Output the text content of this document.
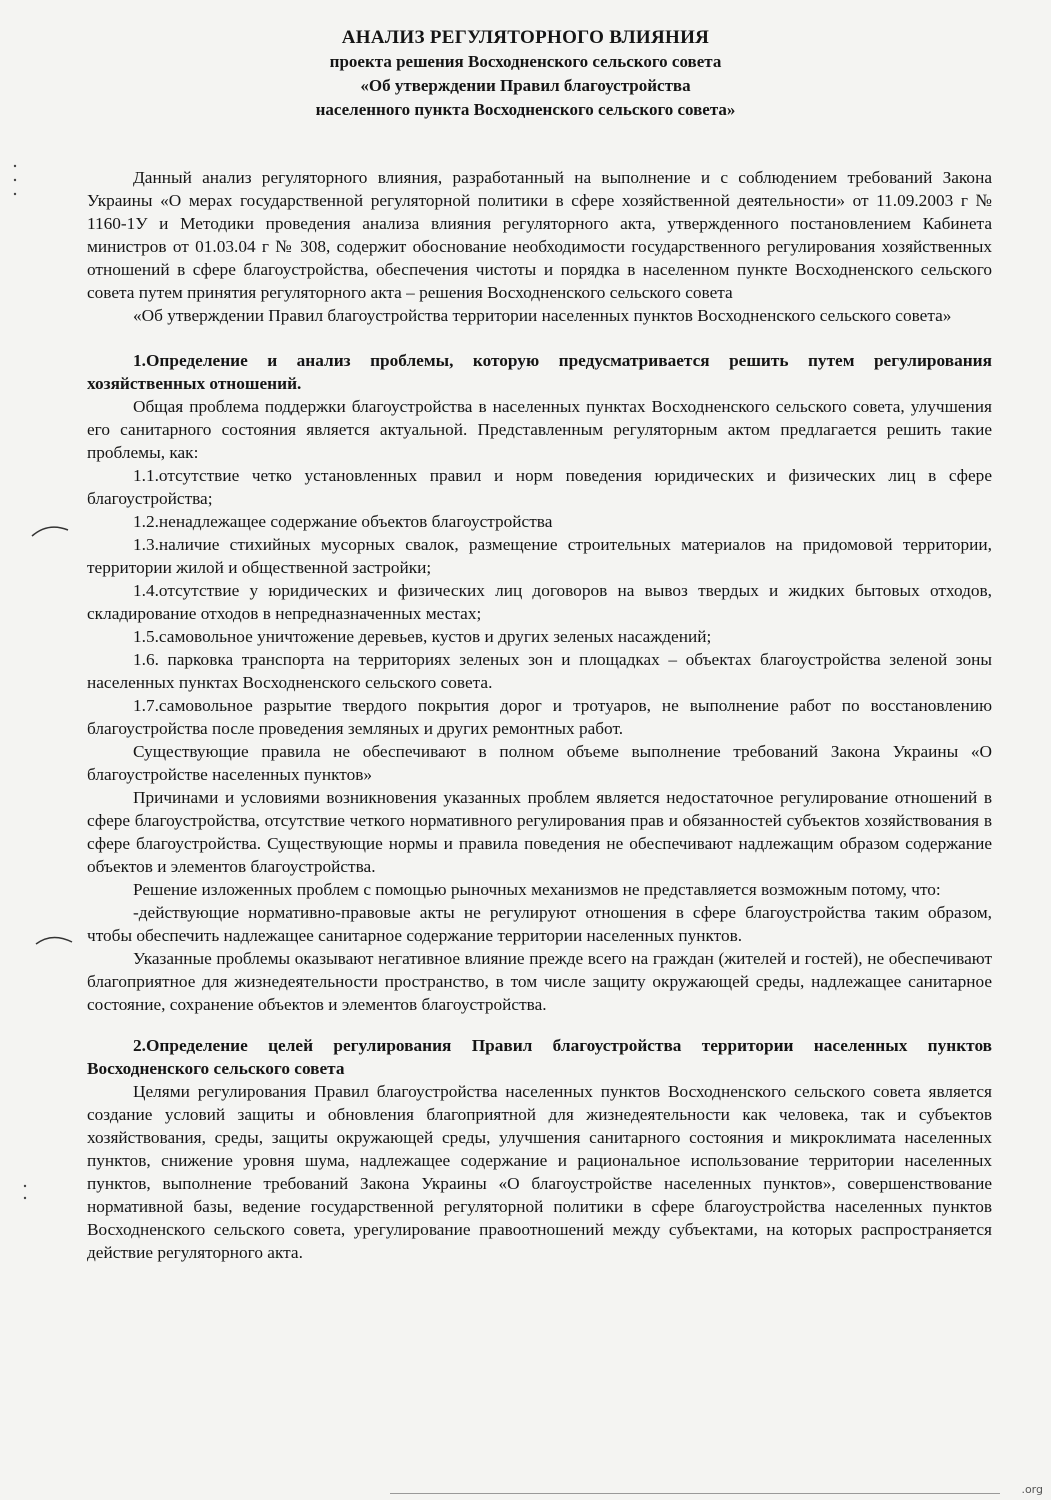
АНАЛИЗ РЕГУЛЯТОРНОГО ВЛИЯНИЯ
проекта решения Восходненского сельского совета
«Об утверждении Правил благоустройства
населенного пункта Восходненского сельского совета»

Данный анализ регуляторного влияния, разработанный на выполнение и с соблюдением требований Закона Украины «О мерах государственной регуляторной политики в сфере хозяйственной деятельности» от 11.09.2003 г № 1160-1У и Методики проведения анализа влияния регуляторного акта, утвержденного постановлением Кабинета министров от 01.03.04 г № 308, содержит обоснование необходимости государственного регулирования хозяйственных отношений в сфере благоустройства, обеспечения чистоты и порядка в населенном пункте Восходненского сельского совета путем принятия регуляторного акта – решения Восходненского сельского совета

«Об утверждении Правил благоустройства территории населенных пунктов Восходненского сельского совета»

1.Определение и анализ проблемы, которую предусматривается решить путем регулирования хозяйственных отношений.

Общая проблема поддержки благоустройства в населенных пунктах Восходненского сельского совета, улучшения его санитарного состояния является актуальной. Представленным регуляторным актом предлагается решить такие проблемы, как:

1.1.отсутствие четко установленных правил и норм поведения юридических и физических лиц в сфере благоустройства;

1.2.ненадлежащее содержание объектов благоустройства

1.3.наличие стихийных мусорных свалок, размещение строительных материалов на придомовой территории, территории жилой и общественной застройки;

1.4.отсутствие у юридических и физических лиц договоров на вывоз твердых и жидких бытовых отходов, складирование отходов в непредназначенных местах;

1.5.самовольное уничтожение деревьев, кустов и других зеленых насаждений;

1.6. парковка транспорта на территориях зеленых зон и площадках – объектах благоустройства зеленой зоны населенных пунктах Восходненского сельского совета.

1.7.самовольное разрытие твердого покрытия дорог и тротуаров, не выполнение работ по восстановлению благоустройства после проведения земляных и других ремонтных работ.

Существующие правила не обеспечивают в полном объеме выполнение требований Закона Украины «О благоустройстве населенных пунктов»

Причинами и условиями возникновения указанных проблем является недостаточное регулирование отношений в сфере благоустройства, отсутствие четкого нормативного регулирования прав и обязанностей субъектов хозяйствования в сфере благоустройства. Существующие нормы и правила поведения не обеспечивают надлежащим образом содержание объектов и элементов благоустройства.

Решение изложенных проблем с помощью рыночных механизмов не представляется возможным потому, что:

-действующие нормативно-правовые акты не регулируют отношения в сфере благоустройства таким образом, чтобы обеспечить надлежащее санитарное содержание территории населенных пунктов.

Указанные проблемы оказывают негативное влияние прежде всего на граждан (жителей и гостей), не обеспечивают благоприятное для жизнедеятельности пространство, в том числе защиту окружающей среды, надлежащее санитарное состояние, сохранение объектов и элементов благоустройства.

2.Определение целей регулирования Правил благоустройства территории населенных пунктов Восходненского сельского совета

Целями регулирования Правил благоустройства населенных пунктов Восходненского сельского совета является создание условий защиты и обновления благоприятной для жизнедеятельности как человека, так и субъектов хозяйствования, среды, защиты окружающей среды, улучшения санитарного состояния и микроклимата населенных пунктов, снижение уровня шума, надлежащее содержание и рациональное использование территории населенных пунктов, выполнение требований Закона Украины «О благоустройстве населенных пунктов», совершенствование нормативной базы, ведение государственной регуляторной политики в сфере благоустройства населенных пунктов Восходненского сельского совета, урегулирование правоотношений между субъектами, на которых распространяется действие регуляторного акта.

.org
